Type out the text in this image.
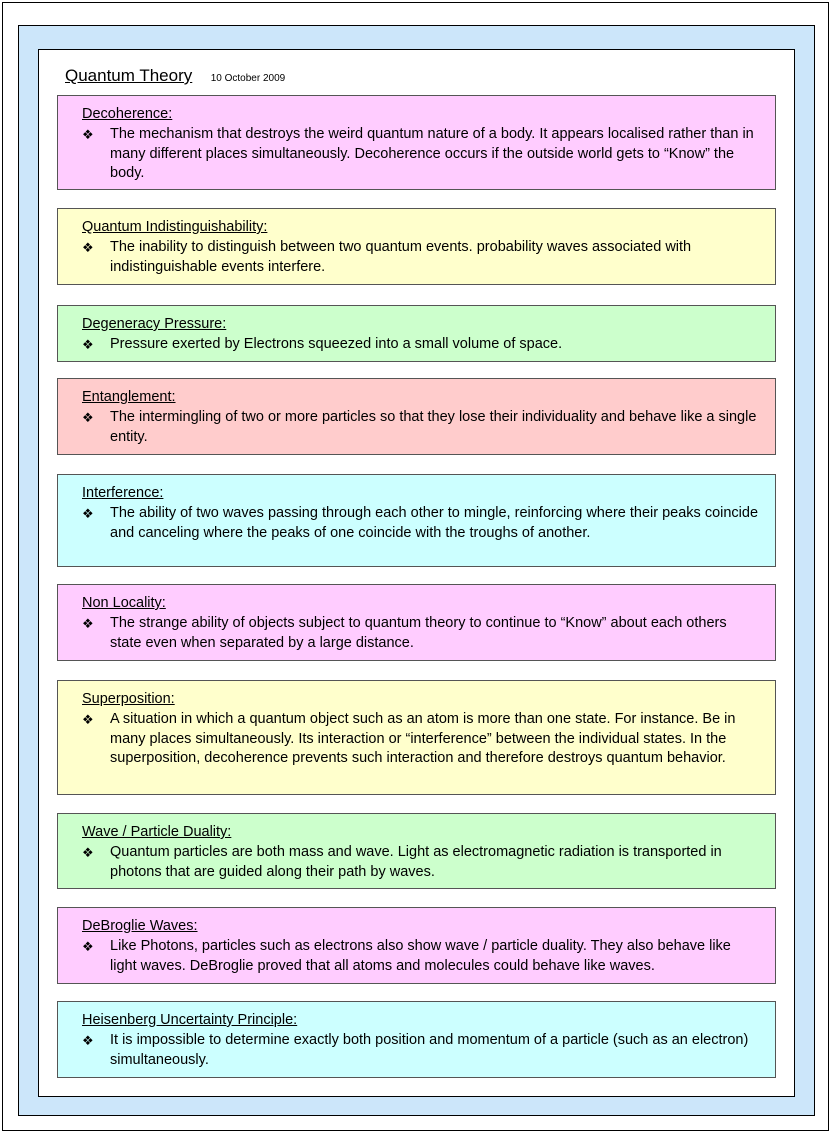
Quantum Theory 10 October 2009
Decoherence:
❖	The mechanism that destroys the weird quantum nature of a body. It appears localised rather than in many different places simultaneously. Decoherence occurs if the outside world gets to “Know” the body.
Quantum Indistinguishability:
❖	The inability to distinguish between two quantum events. probability waves associated with indistinguishable events interfere.
Degeneracy Pressure:
❖	Pressure exerted by Electrons squeezed into a small volume of space.
Entanglement:
❖	The intermingling of two or more particles so that they lose their individuality and behave like a single entity.
Interference:
❖	The ability of two waves passing through each other to mingle, reinforcing where their peaks coincide and canceling where the peaks of one coincide with the troughs of another.
Non Locality:
❖	The strange ability of objects subject to quantum theory to continue to “Know” about each others state even when separated by a large distance.
Superposition:
❖	A situation in which a quantum object such as an atom is more than one state. For instance. Be in many places simultaneously. Its interaction or “interference” between the individual states. In the superposition, decoherence prevents such interaction and therefore destroys quantum behavior.
Wave / Particle Duality:
❖	Quantum particles are both mass and wave. Light as electromagnetic radiation is transported in photons that are guided along their path by waves.
DeBroglie Waves:
❖	Like Photons, particles such as electrons also show wave / particle duality. They also behave like light waves. DeBroglie proved that all atoms and molecules could behave like waves.
Heisenberg Uncertainty Principle:
❖	It is impossible to determine exactly both position and momentum of a particle (such as an electron) simultaneously.
